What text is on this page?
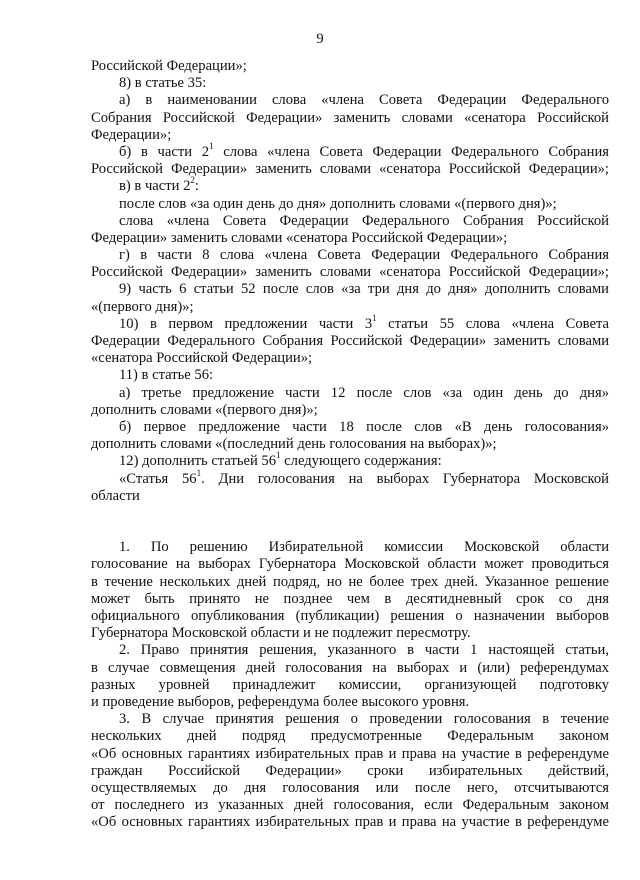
9
Российской Федерации»;
8) в статье 35:
а) в наименовании слова «члена Совета Федерации Федерального
Собрания Российской Федерации» заменить словами «сенатора Российской
Федерации»;
б) в части $2^1$ слова «члена Совета Федерации Федерального Собрания
Российской Федерации» заменить словами «сенатора Российской Федерации»;
в) в части $2^2$:
после слов «за один день до дня» дополнить словами «(первого дня)»;
слова «члена Совета Федерации Федерального Собрания Российской
Федерации» заменить словами «сенатора Российской Федерации»;
г) в части 8 слова «члена Совета Федерации Федерального Собрания
Российской Федерации» заменить словами «сенатора Российской Федерации»;
9) часть 6 статьи 52 после слов «за три дня до дня» дополнить словами
«(первого дня)»;
10) в первом предложении части $3^1$ статьи 55 слова «члена Совета
Федерации Федерального Собрания Российской Федерации» заменить словами
«сенатора Российской Федерации»;
11) в статье 56:
а) третье предложение части 12 после слов «за один день до дня»
дополнить словами «(первого дня)»;
б) первое предложение части 18 после слов «В день голосования»
дополнить словами «(последний день голосования на выборах)»;
12) дополнить статьей $56^1$ следующего содержания:
«Статья $56^1$. Дни голосования на выборах Губернатора Московской
области
1. По решению Избирательной комиссии Московской области
голосование на выборах Губернатора Московской области может проводиться
в течение нескольких дней подряд, но не более трех дней. Указанное решение
может быть принято не позднее чем в десятидневный срок со дня
официального опубликования (публикации) решения о назначении выборов
Губернатора Московской области и не подлежит пересмотру.
2. Право принятия решения, указанного в части 1 настоящей статьи,
в случае совмещения дней голосования на выборах и (или) референдумах
разных уровней принадлежит комиссии, организующей подготовку
и проведение выборов, референдума более высокого уровня.
3. В случае принятия решения о проведении голосования в течение
нескольких дней подряд предусмотренные Федеральным законом
«Об основных гарантиях избирательных прав и права на участие в референдуме
граждан Российской Федерации» сроки избирательных действий,
осуществляемых до дня голосования или после него, отсчитываются
от последнего из указанных дней голосования, если Федеральным законом
«Об основных гарантиях избирательных прав и права на участие в референдуме
